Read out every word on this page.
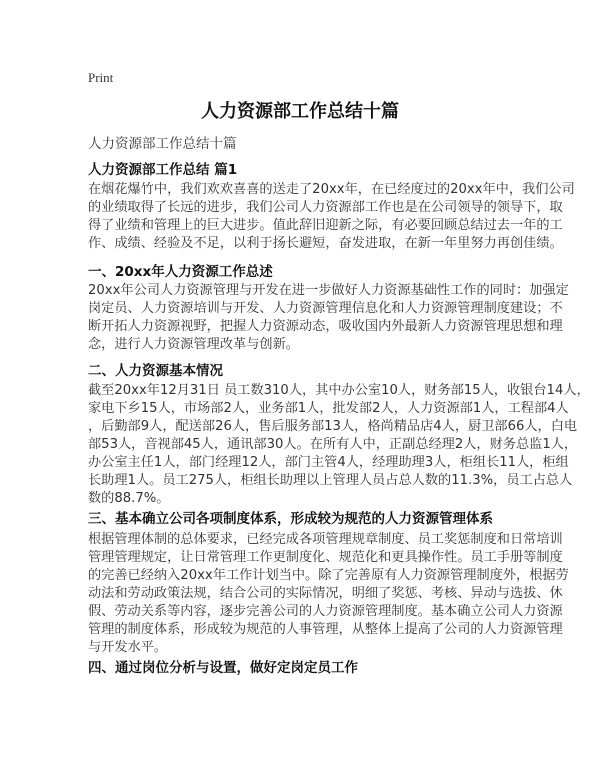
Print
人力资源部工作总结十篇
人力资源部工作总结十篇
人力资源部工作总结 篇1
在烟花爆竹中，我们欢欢喜喜的送走了20xx年，在已经度过的20xx年中，我们公司
的业绩取得了长远的进步，我们公司人力资源部工作也是在公司领导的领导下，取
得了业绩和管理上的巨大进步。值此辞旧迎新之际，有必要回顾总结过去一年的工
作、成绩、经验及不足，以利于扬长避短，奋发进取，在新一年里努力再创佳绩。
一、20xx年人力资源工作总述
20xx年公司人力资源管理与开发在进一步做好人力资源基础性工作的同时：加强定
岗定员、人力资源培训与开发、人力资源管理信息化和人力资源管理制度建设；不
断开拓人力资源视野，把握人力资源动态，吸收国内外最新人力资源管理思想和理
念，进行人力资源管理改革与创新。
二、人力资源基本情况
截至20xx年12月31日 员工数310人，其中办公室10人，财务部15人，收银台14人，
家电下乡15人，市场部2人，业务部1人，批发部2人，人力资源部1人，工程部4人
，后勤部9人，配送部26人，售后服务部13人，格尚精品店4人，厨卫部66人，白电
部53人，音视部45人，通讯部30人。在所有人中，正副总经理2人，财务总监1人，
办公室主任1人，部门经理12人，部门主管4人，经理助理3人，柜组长11人，柜组
长助理1人。员工275人，柜组长助理以上管理人员占总人数的11.3%，员工占总人
数的88.7%。
三、基本确立公司各项制度体系，形成较为规范的人力资源管理体系
根据管理体制的总体要求，已经完成各项管理规章制度、员工奖惩制度和日常培训
管理管理规定，让日常管理工作更制度化、规范化和更具操作性。员工手册等制度
的完善已经纳入20xx年工作计划当中。除了完善原有人力资源管理制度外，根据劳
动法和劳动政策法规，结合公司的实际情况，明细了奖惩、考核、异动与选拔、休
假、劳动关系等内容，逐步完善公司的人力资源管理制度。基本确立公司人力资源
管理的制度体系，形成较为规范的人事管理，从整体上提高了公司的人力资源管理
与开发水平。
四、通过岗位分析与设置，做好定岗定员工作
